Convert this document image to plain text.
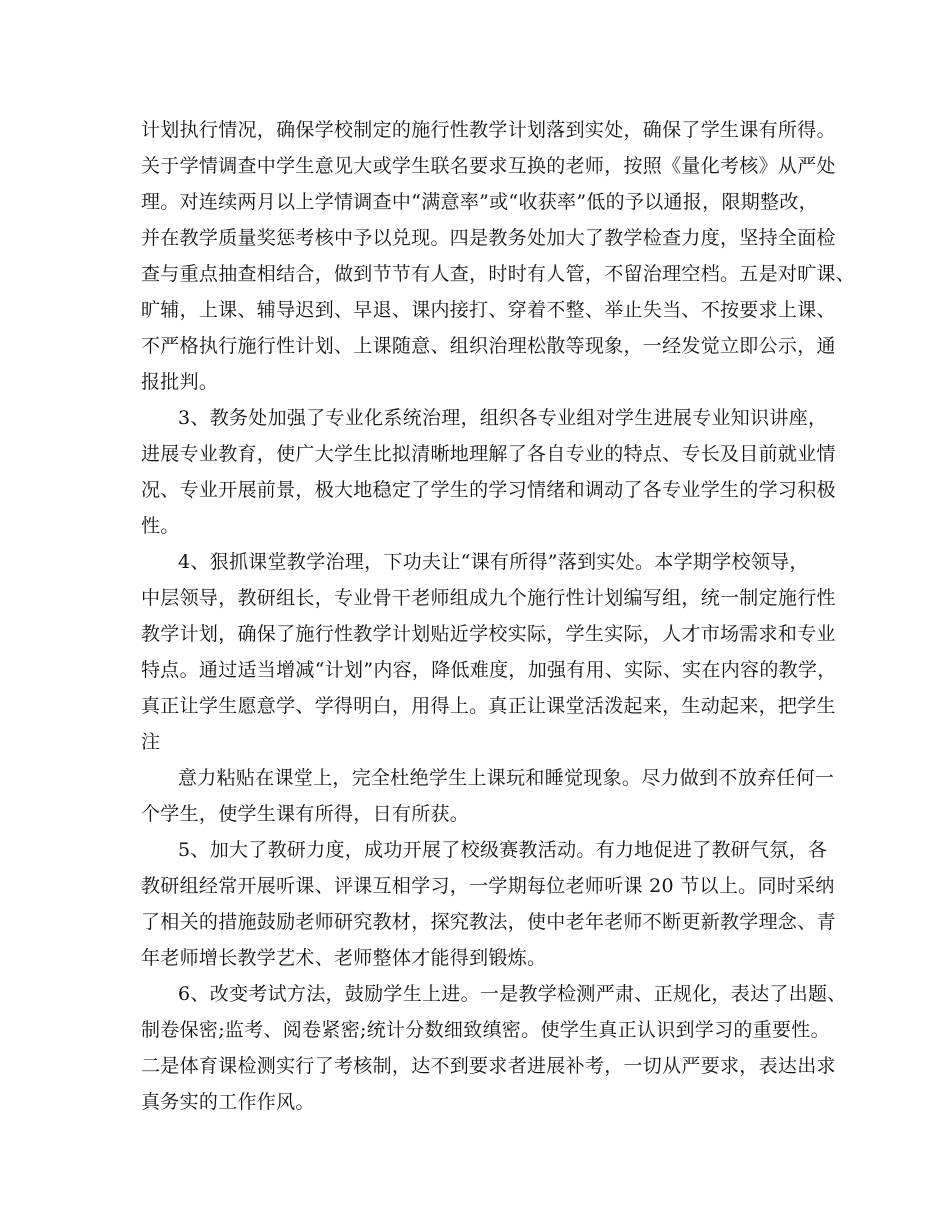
计划执行情况，确保学校制定的施行性教学计划落到实处，确保了学生课有所得。
关于学情调查中学生意见大或学生联名要求互换的老师，按照《量化考核》从严处
理。对连续两月以上学情调查中“满意率”或“收获率”低的予以通报，限期整改，
并在教学质量奖惩考核中予以兑现。四是教务处加大了教学检查力度，坚持全面检
查与重点抽查相结合，做到节节有人查，时时有人管，不留治理空档。五是对旷课、
旷辅，上课、辅导迟到、早退、课内接打、穿着不整、举止失当、不按要求上课、
不严格执行施行性计划、上课随意、组织治理松散等现象，一经发觉立即公示，通
报批判。
3、教务处加强了专业化系统治理，组织各专业组对学生进展专业知识讲座，
进展专业教育，使广大学生比拟清晰地理解了各自专业的特点、专长及目前就业情
况、专业开展前景，极大地稳定了学生的学习情绪和调动了各专业学生的学习积极
性。
4、狠抓课堂教学治理，下功夫让“课有所得”落到实处。本学期学校领导，
中层领导，教研组长，专业骨干老师组成九个施行性计划编写组，统一制定施行性
教学计划，确保了施行性教学计划贴近学校实际，学生实际，人才市场需求和专业
特点。通过适当增减“计划”内容，降低难度，加强有用、实际、实在内容的教学，
真正让学生愿意学、学得明白，用得上。真正让课堂活泼起来，生动起来，把学生
注
意力粘贴在课堂上，完全杜绝学生上课玩和睡觉现象。尽力做到不放弃任何一
个学生，使学生课有所得，日有所获。
5、加大了教研力度，成功开展了校级赛教活动。有力地促进了教研气氛，各
教研组经常开展听课、评课互相学习，一学期每位老师听课 20 节以上。同时采纳
了相关的措施鼓励老师研究教材，探究教法，使中老年老师不断更新教学理念、青
年老师增长教学艺术、老师整体才能得到锻炼。
6、改变考试方法，鼓励学生上进。一是教学检测严肃、正规化，表达了出题、
制卷保密;监考、阅卷紧密;统计分数细致缜密。使学生真正认识到学习的重要性。
二是体育课检测实行了考核制，达不到要求者进展补考，一切从严要求，表达出求
真务实的工作作风。
